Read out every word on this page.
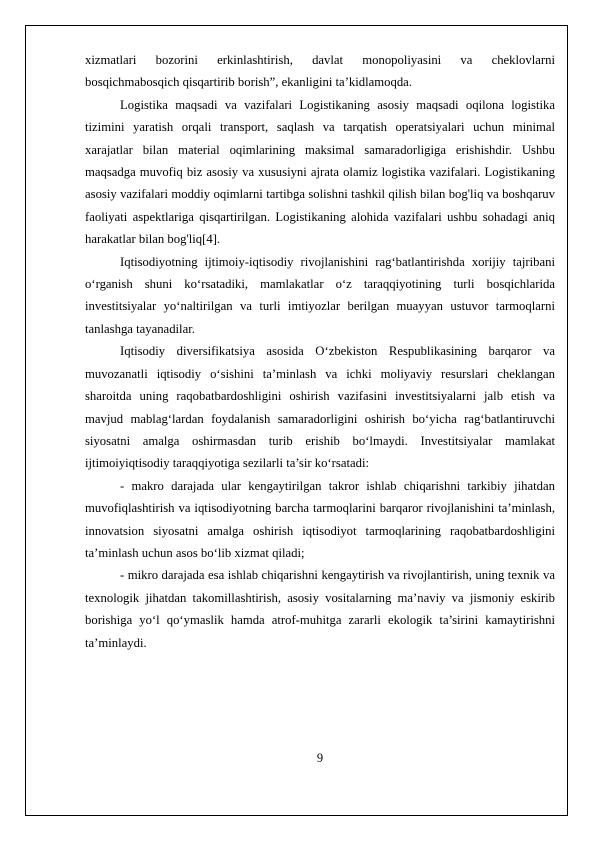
xizmatlari bozorini erkinlashtirish, davlat monopoliyasini va cheklovlarni bosqichmabosqich qisqartirib borish”, ekanligini ta’kidlamoqda.

Logistika maqsadi va vazifalari Logistikaning asosiy maqsadi oqilona logistika tizimini yaratish orqali transport, saqlash va tarqatish operatsiyalari uchun minimal xarajatlar bilan material oqimlarining maksimal samaradorligiga erishishdir. Ushbu maqsadga muvofiq biz asosiy va xususiyni ajrata olamiz logistika vazifalari. Logistikaning asosiy vazifalari moddiy oqimlarni tartibga solishni tashkil qilish bilan bog'liq va boshqaruv faoliyati aspektlariga qisqartirilgan. Logistikaning alohida vazifalari ushbu sohadagi aniq harakatlar bilan bog'liq[4].

Iqtisodiyotning ijtimoiy-iqtisodiy rivojlanishini rag‘batlantirishda xorijiy tajribani o‘rganish shuni ko‘rsatadiki, mamlakatlar o‘z taraqqiyotining turli bosqichlarida investitsiyalar yo‘naltirilgan va turli imtiyozlar berilgan muayyan ustuvor tarmoqlarni tanlashga tayanadilar.

Iqtisodiy diversifikatsiya asosida O‘zbekiston Respublikasining barqaror va muvozanatli iqtisodiy o‘sishini ta’minlash va ichki moliyaviy resurslari cheklangan sharoitda uning raqobatbardoshligini oshirish vazifasini investitsiyalarni jalb etish va mavjud mablag‘lardan foydalanish samaradorligini oshirish bo‘yicha rag‘batlantiruvchi siyosatni amalga oshirmasdan turib erishib bo‘lmaydi. Investitsiyalar mamlakat ijtimoiyiqtisodiy taraqqiyotiga sezilarli ta’sir ko‘rsatadi:

- makro darajada ular kengaytirilgan takror ishlab chiqarishni tarkibiy jihatdan muvofiqlashtirish va iqtisodiyotning barcha tarmoqlarini barqaror rivojlanishini ta’minlash, innovatsion siyosatni amalga oshirish iqtisodiyot tarmoqlarining raqobatbardoshligini ta’minlash uchun asos bo‘lib xizmat qiladi;

- mikro darajada esa ishlab chiqarishni kengaytirish va rivojlantirish, uning texnik va texnologik jihatdan takomillashtirish, asosiy vositalarning ma’naviy va jismoniy eskirib borishiga yo‘l qo‘ymaslik hamda atrof-muhitga zararli ekologik ta’sirini kamaytirishni ta’minlaydi.

9
